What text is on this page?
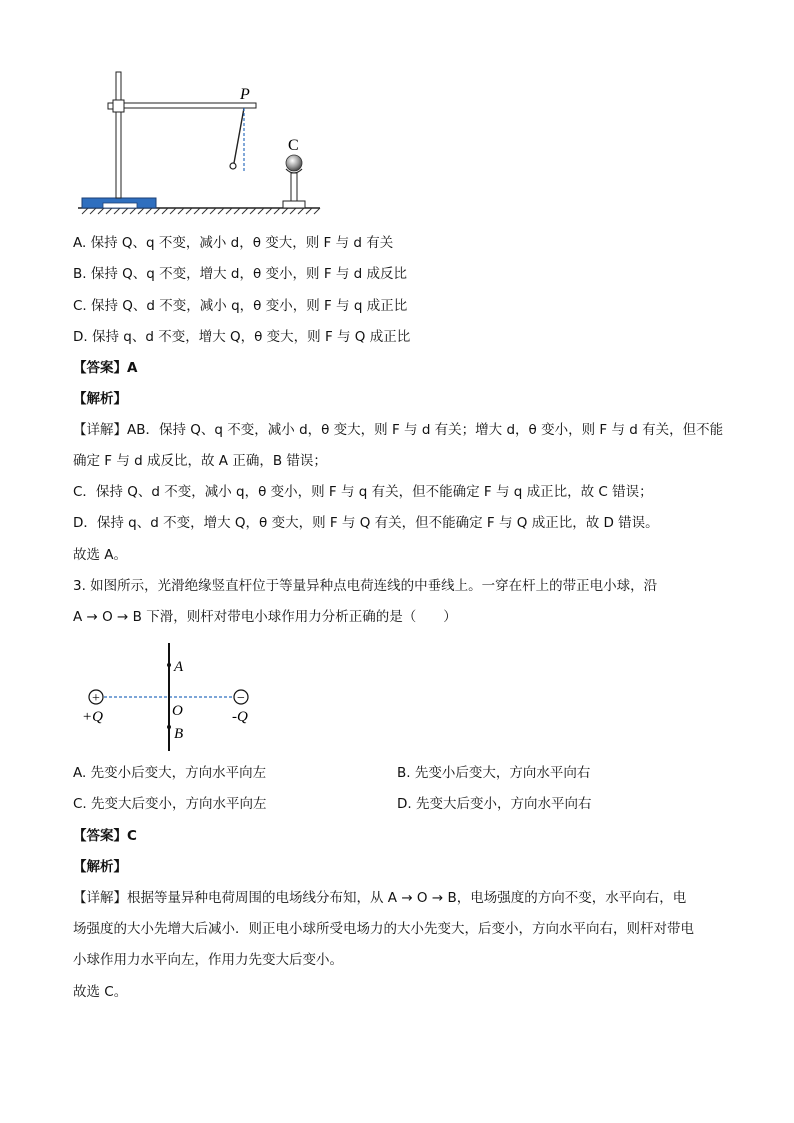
P
C
A. 保持 Q、q 不变，减小 d，θ 变大，则 F 与 d 有关
B. 保持 Q、q 不变，增大 d，θ 变小，则 F 与 d 成反比
C. 保持 Q、d 不变，减小 q，θ 变小，则 F 与 q 成正比
D. 保持 q、d 不变，增大 Q，θ 变大，则 F 与 Q 成正比
【答案】A
【解析】
【详解】AB．保持 Q、q 不变，减小 d，θ 变大，则 F 与 d 有关；增大 d，θ 变小，则 F 与 d 有关，但不能
确定 F 与 d 成反比，故 A 正确，B 错误；
C．保持 Q、d 不变，减小 q，θ 变小，则 F 与 q 有关，但不能确定 F 与 q 成正比，故 C 错误；
D．保持 q、d 不变，增大 Q，θ 变大，则 F 与 Q 有关，但不能确定 F 与 Q 成正比，故 D 错误。
故选 A。
3. 如图所示，光滑绝缘竖直杆位于等量异种点电荷连线的中垂线上。一穿在杆上的带正电小球，沿
A → O → B 下滑，则杆对带电小球作用力分析正确的是（　　）
A
O
B
+
+Q
−
-Q
A. 先变小后变大，方向水平向左	B. 先变小后变大，方向水平向右
C. 先变大后变小，方向水平向左	D. 先变大后变小，方向水平向右
【答案】C
【解析】
【详解】根据等量异种电荷周围的电场线分布知，从 A → O → B，电场强度的方向不变，水平向右，电
场强度的大小先增大后减小．则正电小球所受电场力的大小先变大，后变小，方向水平向右，则杆对带电
小球作用力水平向左，作用力先变大后变小。
故选 C。
